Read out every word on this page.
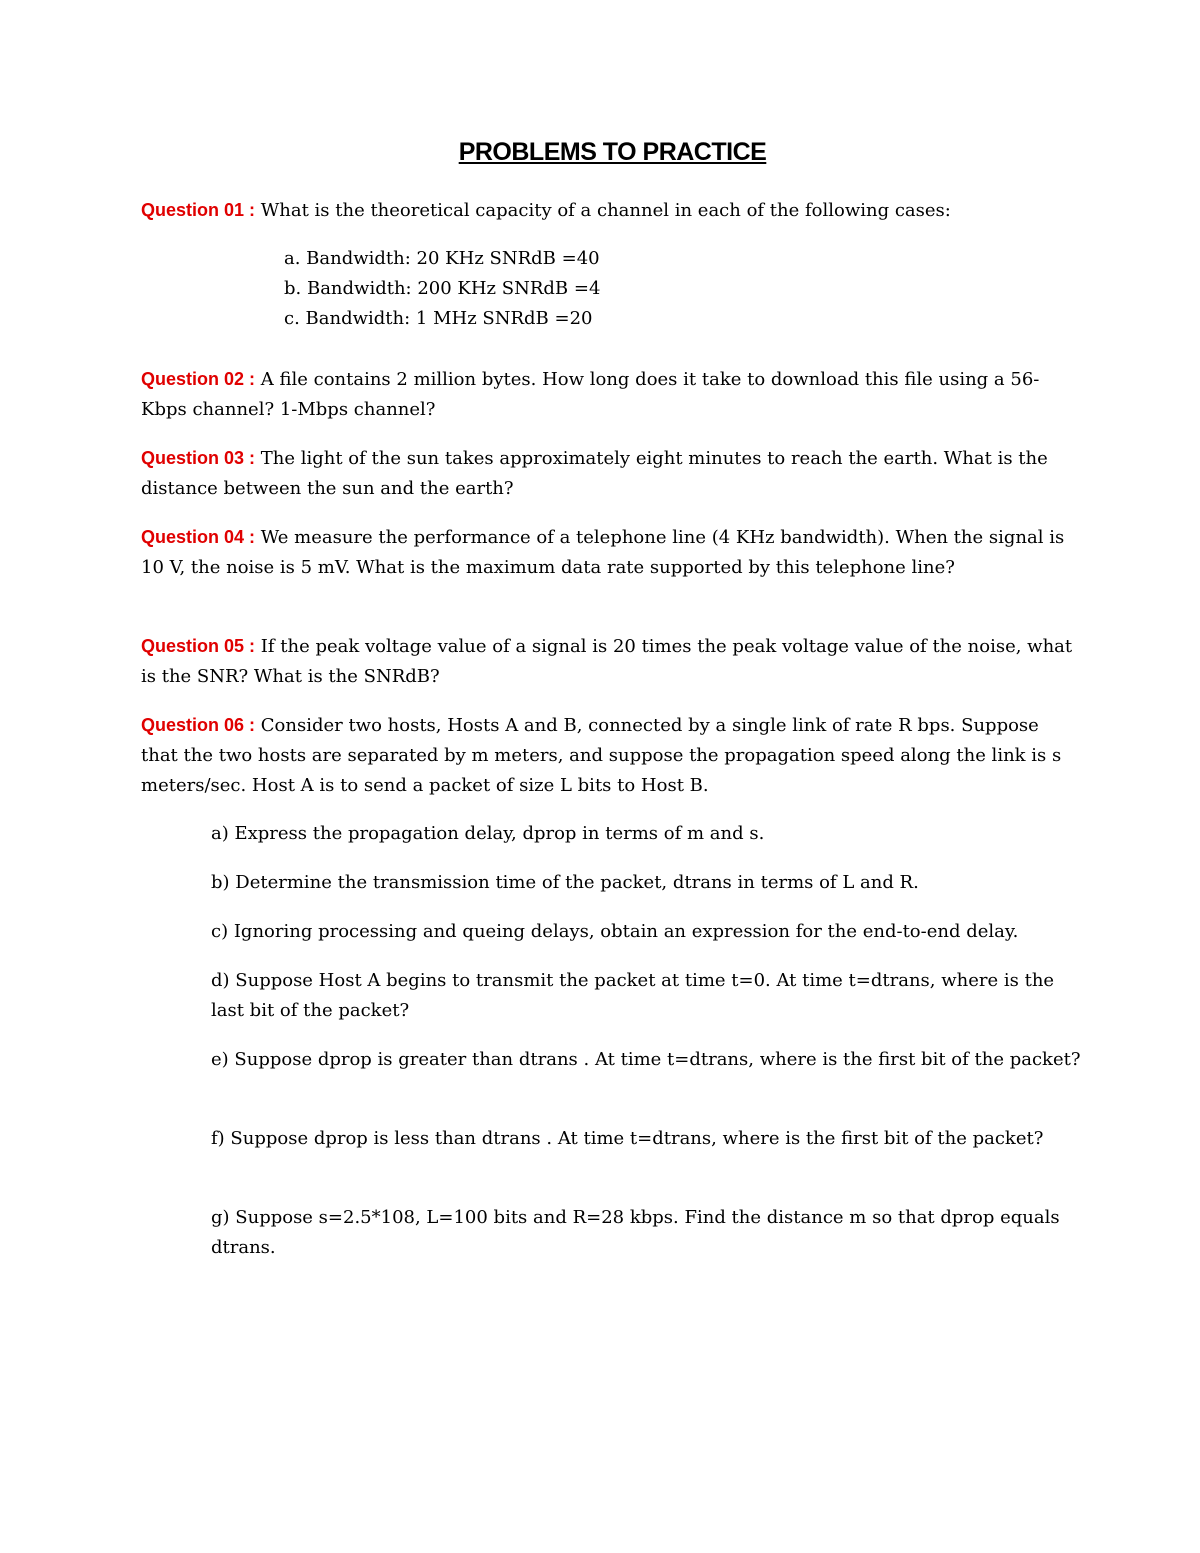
PROBLEMS TO PRACTICE

Question 01 : What is the theoretical capacity of a channel in each of the following cases:

a. Bandwidth: 20 KHz SNRdB =40
b. Bandwidth: 200 KHz SNRdB =4
c. Bandwidth: 1 MHz SNRdB =20

Question 02 : A file contains 2 million bytes. How long does it take to download this file using a 56-Kbps channel? 1-Mbps channel?

Question 03 : The light of the sun takes approximately eight minutes to reach the earth. What is the distance between the sun and the earth?

Question 04 : We measure the performance of a telephone line (4 KHz bandwidth). When the signal is 10 V, the noise is 5 mV. What is the maximum data rate supported by this telephone line?

Question 05 : If the peak voltage value of a signal is 20 times the peak voltage value of the noise, what is the SNR? What is the SNRdB?

Question 06 : Consider two hosts, Hosts A and B, connected by a single link of rate R bps. Suppose that the two hosts are separated by m meters, and suppose the propagation speed along the link is s meters/sec. Host A is to send a packet of size L bits to Host B.

a) Express the propagation delay, dprop in terms of m and s.

b) Determine the transmission time of the packet, dtrans in terms of L and R.

c) Ignoring processing and queing delays, obtain an expression for the end-to-end delay.

d) Suppose Host A begins to transmit the packet at time t=0. At time t=dtrans, where is the last bit of the packet?

e) Suppose dprop is greater than dtrans . At time t=dtrans, where is the first bit of the packet?

f) Suppose dprop is less than dtrans . At time t=dtrans, where is the first bit of the packet?

g) Suppose s=2.5*108, L=100 bits and R=28 kbps. Find the distance m so that dprop equals dtrans.
